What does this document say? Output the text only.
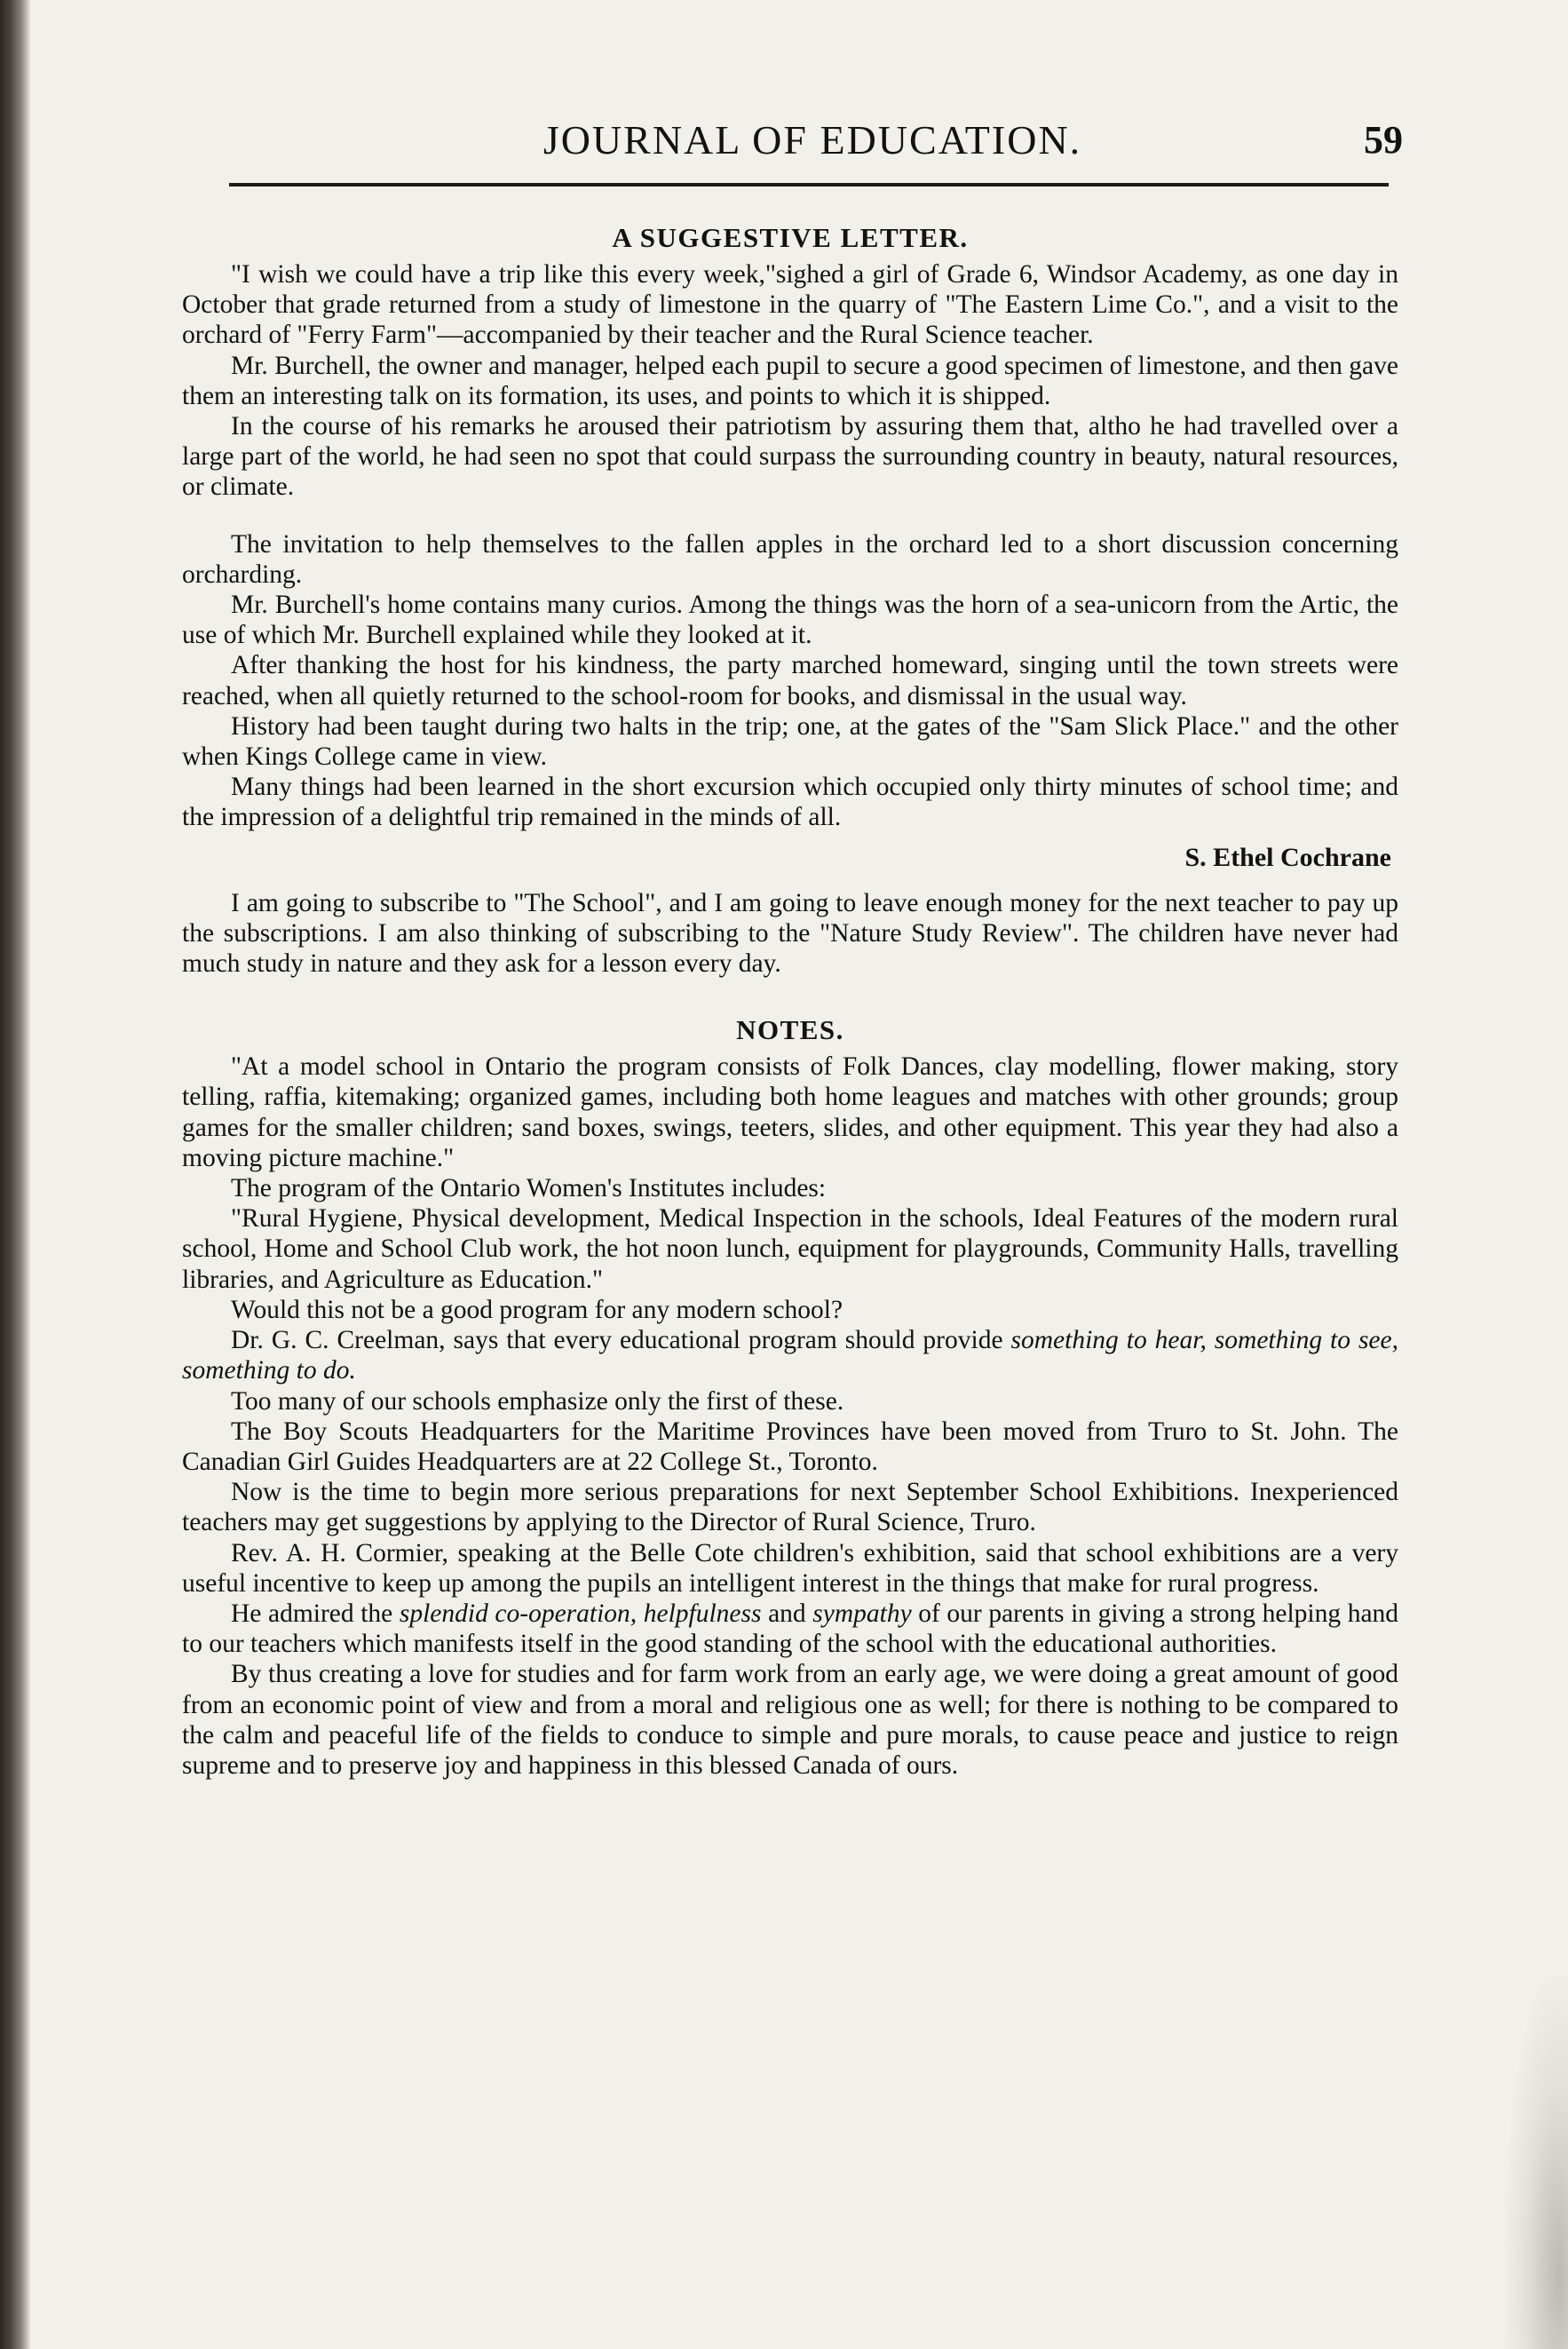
JOURNAL OF EDUCATION.	59
A SUGGESTIVE LETTER.

"I wish we could have a trip like this every week,"sighed a girl of Grade 6, Windsor Academy, as one day in October that grade returned from a study of limestone in the quarry of "The Eastern Lime Co.", and a visit to the orchard of "Ferry Farm"—accompanied by their teacher and the Rural Science teacher.

Mr. Burchell, the owner and manager, helped each pupil to secure a good specimen of limestone, and then gave them an interesting talk on its formation, its uses, and points to which it is shipped.

In the course of his remarks he aroused their patriotism by assuring them that, altho he had travelled over a large part of the world, he had seen no spot that could surpass the surrounding country in beauty, natural resources, or climate.

The invitation to help themselves to the fallen apples in the orchard led to a short discussion concerning orcharding.

Mr. Burchell's home contains many curios. Among the things was the horn of a sea-unicorn from the Artic, the use of which Mr. Burchell explained while they looked at it.

After thanking the host for his kindness, the party marched homeward, singing until the town streets were reached, when all quietly returned to the school-room for books, and dismissal in the usual way.

History had been taught during two halts in the trip; one, at the gates of the "Sam Slick Place." and the other when Kings College came in view.

Many things had been learned in the short excursion which occupied only thirty minutes of school time; and the impression of a delightful trip remained in the minds of all.

S. Ethel Cochrane

I am going to subscribe to "The School", and I am going to leave enough money for the next teacher to pay up the subscriptions. I am also thinking of subscribing to the "Nature Study Review". The children have never had much study in nature and they ask for a lesson every day.

NOTES.

"At a model school in Ontario the program consists of Folk Dances, clay modelling, flower making, story telling, raffia, kitemaking; organized games, including both home leagues and matches with other grounds; group games for the smaller children; sand boxes, swings, teeters, slides, and other equipment. This year they had also a moving picture machine."

The program of the Ontario Women's Institutes includes:

"Rural Hygiene, Physical development, Medical Inspection in the schools, Ideal Features of the modern rural school, Home and School Club work, the hot noon lunch, equipment for playgrounds, Community Halls, travelling libraries, and Agriculture as Education."

Would this not be a good program for any modern school?

Dr. G. C. Creelman, says that every educational program should provide something to hear, something to see, something to do.

Too many of our schools emphasize only the first of these.

The Boy Scouts Headquarters for the Maritime Provinces have been moved from Truro to St. John. The Canadian Girl Guides Headquarters are at 22 College St., Toronto.

Now is the time to begin more serious preparations for next September School Exhibitions. Inexperienced teachers may get suggestions by applying to the Director of Rural Science, Truro.

Rev. A. H. Cormier, speaking at the Belle Cote children's exhibition, said that school exhibitions are a very useful incentive to keep up among the pupils an intelligent interest in the things that make for rural progress.

He admired the splendid co-operation, helpfulness and sympathy of our parents in giving a strong helping hand to our teachers which manifests itself in the good standing of the school with the educational authorities.

By thus creating a love for studies and for farm work from an early age, we were doing a great amount of good from an economic point of view and from a moral and religious one as well; for there is nothing to be compared to the calm and peaceful life of the fields to conduce to simple and pure morals, to cause peace and justice to reign supreme and to preserve joy and happiness in this blessed Canada of ours.
